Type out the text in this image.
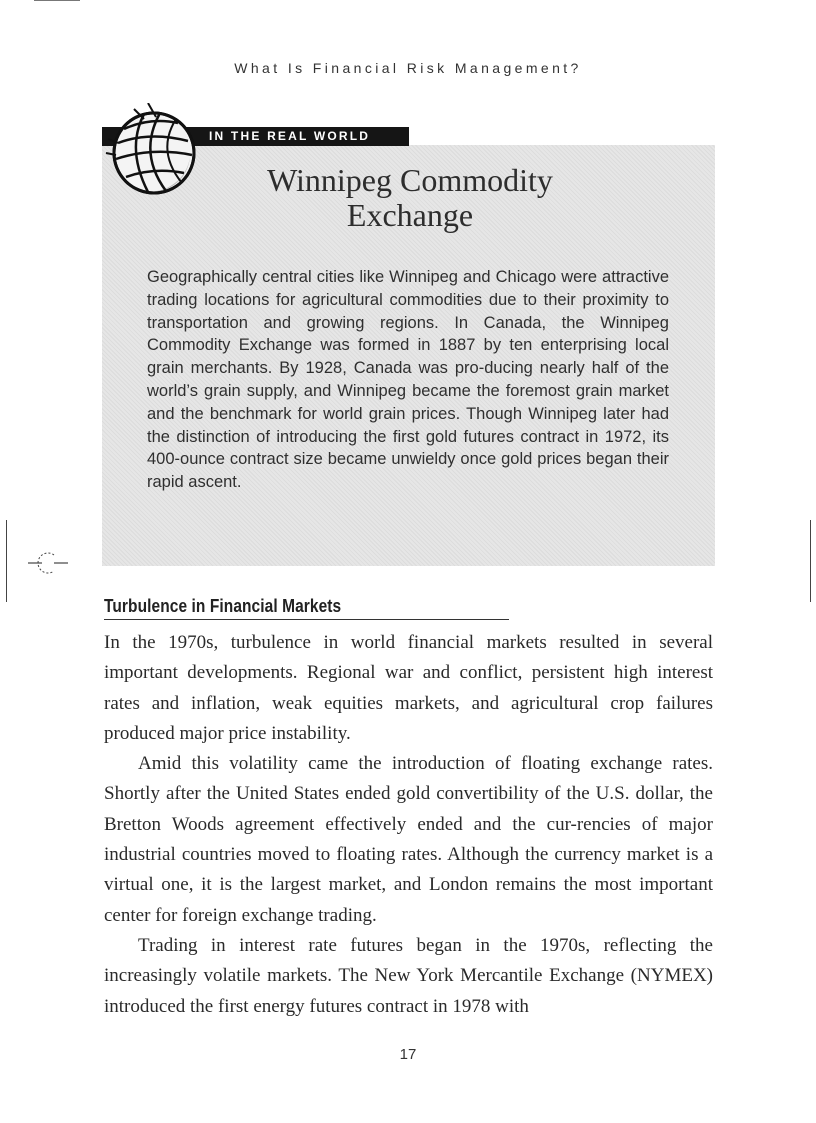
What Is Financial Risk Management?
IN THE REAL WORLD
Winnipeg Commodity
Exchange
Geographically central cities like Winnipeg and Chicago were attractive trading locations for agricultural commodities due to their proximity to transportation and growing regions. In Canada, the Winnipeg Commodity Exchange was formed in 1887 by ten enterprising local grain merchants. By 1928, Canada was pro-ducing nearly half of the world’s grain supply, and Winnipeg became the foremost grain market and the benchmark for world grain prices. Though Winnipeg later had the distinction of introducing the first gold futures contract in 1972, its 400-ounce contract size became unwieldy once gold prices began their rapid ascent.
Turbulence in Financial Markets

In the 1970s, turbulence in world financial markets resulted in several important developments. Regional war and conflict, persistent high interest rates and inflation, weak equities markets, and agricultural crop failures produced major price instability.

Amid this volatility came the introduction of floating exchange rates. Shortly after the United States ended gold convertibility of the U.S. dollar, the Bretton Woods agreement effectively ended and the cur-rencies of major industrial countries moved to floating rates. Although the currency market is a virtual one, it is the largest market, and London remains the most important center for foreign exchange trading.

Trading in interest rate futures began in the 1970s, reflecting the increasingly volatile markets. The New York Mercantile Exchange (NYMEX) introduced the first energy futures contract in 1978 with

17
